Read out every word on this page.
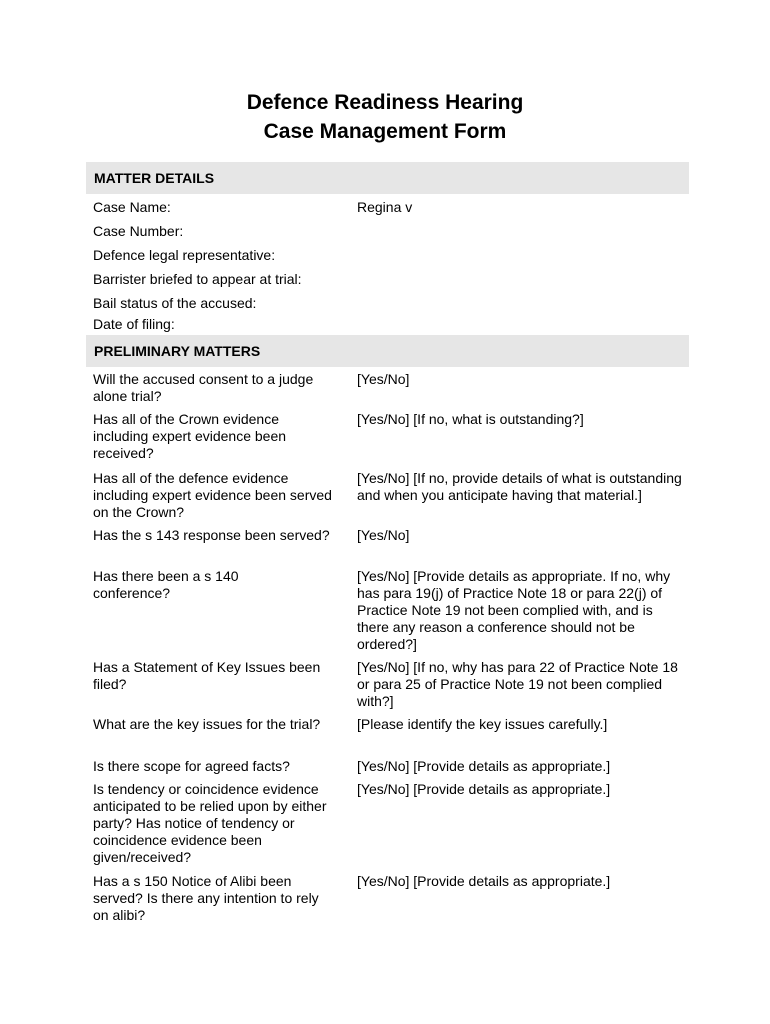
Defence Readiness Hearing
Case Management Form
MATTER DETAILS
Case Name:	Regina v
Case Number:
Defence legal representative:
Barrister briefed to appear at trial:
Bail status of the accused:
Date of filing:
PRELIMINARY MATTERS
Will the accused consent to a judge alone trial?
[Yes/No]
Has all of the Crown evidence including expert evidence been received?
[Yes/No] [If no, what is outstanding?]
Has all of the defence evidence including expert evidence been served on the Crown?
[Yes/No] [If no, provide details of what is outstanding and when you anticipate having that material.]
Has the s 143 response been served?	[Yes/No]
Has there been a s 140 conference?
[Yes/No] [Provide details as appropriate. If no, why has para 19(j) of Practice Note 18 or para 22(j) of Practice Note 19 not been complied with, and is there any reason a conference should not be ordered?]
Has a Statement of Key Issues been filed?
[Yes/No] [If no, why has para 22 of Practice Note 18 or para 25 of Practice Note 19 not been complied with?]
What are the key issues for the trial?	[Please identify the key issues carefully.]
Is there scope for agreed facts?	[Yes/No] [Provide details as appropriate.]
Is tendency or coincidence evidence anticipated to be relied upon by either party? Has notice of tendency or coincidence evidence been given/received?
[Yes/No] [Provide details as appropriate.]
Has a s 150 Notice of Alibi been served? Is there any intention to rely on alibi?
[Yes/No] [Provide details as appropriate.]
